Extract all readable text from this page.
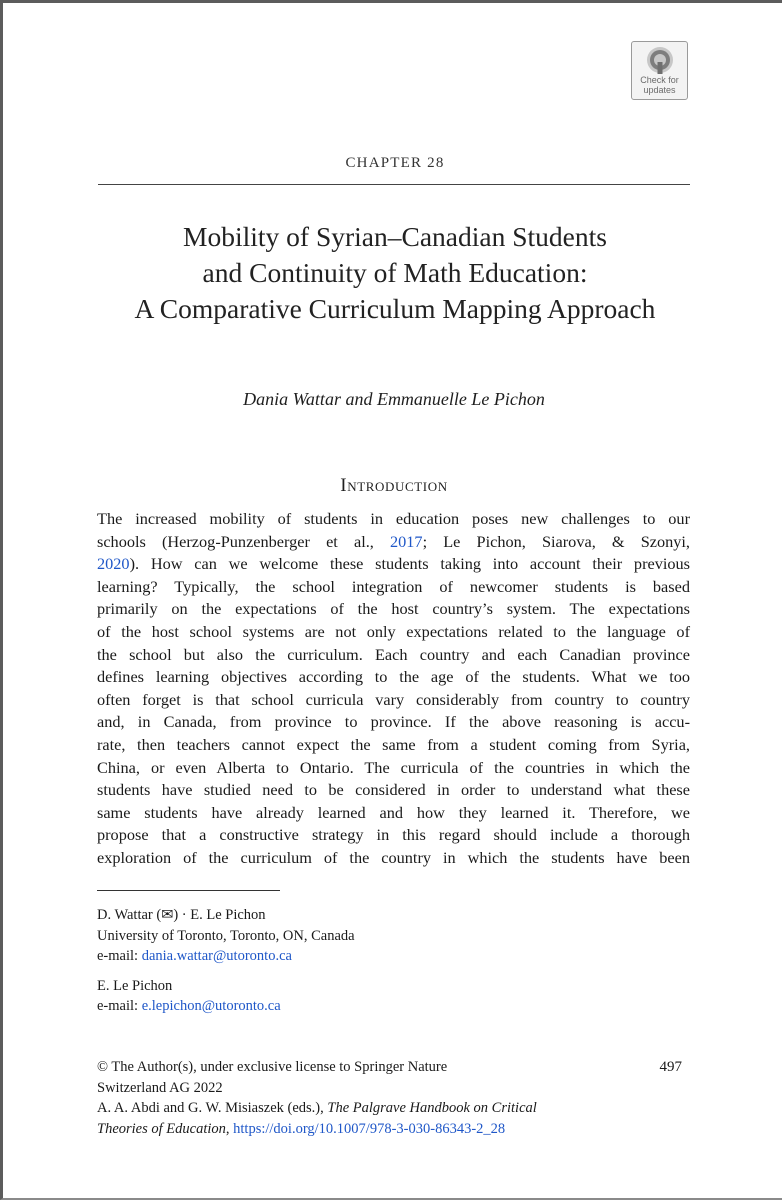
Check for
updates
CHAPTER 28
Mobility of Syrian–Canadian Students
and Continuity of Math Education:
A Comparative Curriculum Mapping Approach
Dania Wattar and Emmanuelle Le Pichon
Introduction

The increased mobility of students in education poses new challenges to our
schools (Herzog-Punzenberger et al., 2017; Le Pichon, Siarova, & Szonyi,
2020). How can we welcome these students taking into account their previous
learning? Typically, the school integration of newcomer students is based
primarily on the expectations of the host country’s system. The expectations
of the host school systems are not only expectations related to the language of
the school but also the curriculum. Each country and each Canadian province
defines learning objectives according to the age of the students. What we too
often forget is that school curricula vary considerably from country to country
and, in Canada, from province to province. If the above reasoning is accu-
rate, then teachers cannot expect the same from a student coming from Syria,
China, or even Alberta to Ontario. The curricula of the countries in which the
students have studied need to be considered in order to understand what these
same students have already learned and how they learned it. Therefore, we
propose that a constructive strategy in this regard should include a thorough
exploration of the curriculum of the country in which the students have been

D. Wattar (✉) · E. Le Pichon
University of Toronto, Toronto, ON, Canada
e-mail: dania.wattar@utoronto.ca
E. Le Pichon
e-mail: e.lepichon@utoronto.ca
497
© The Author(s), under exclusive license to Springer Nature
Switzerland AG 2022
A. A. Abdi and G. W. Misiaszek (eds.), The Palgrave Handbook on Critical
Theories of Education, https://doi.org/10.1007/978-3-030-86343-2_28
